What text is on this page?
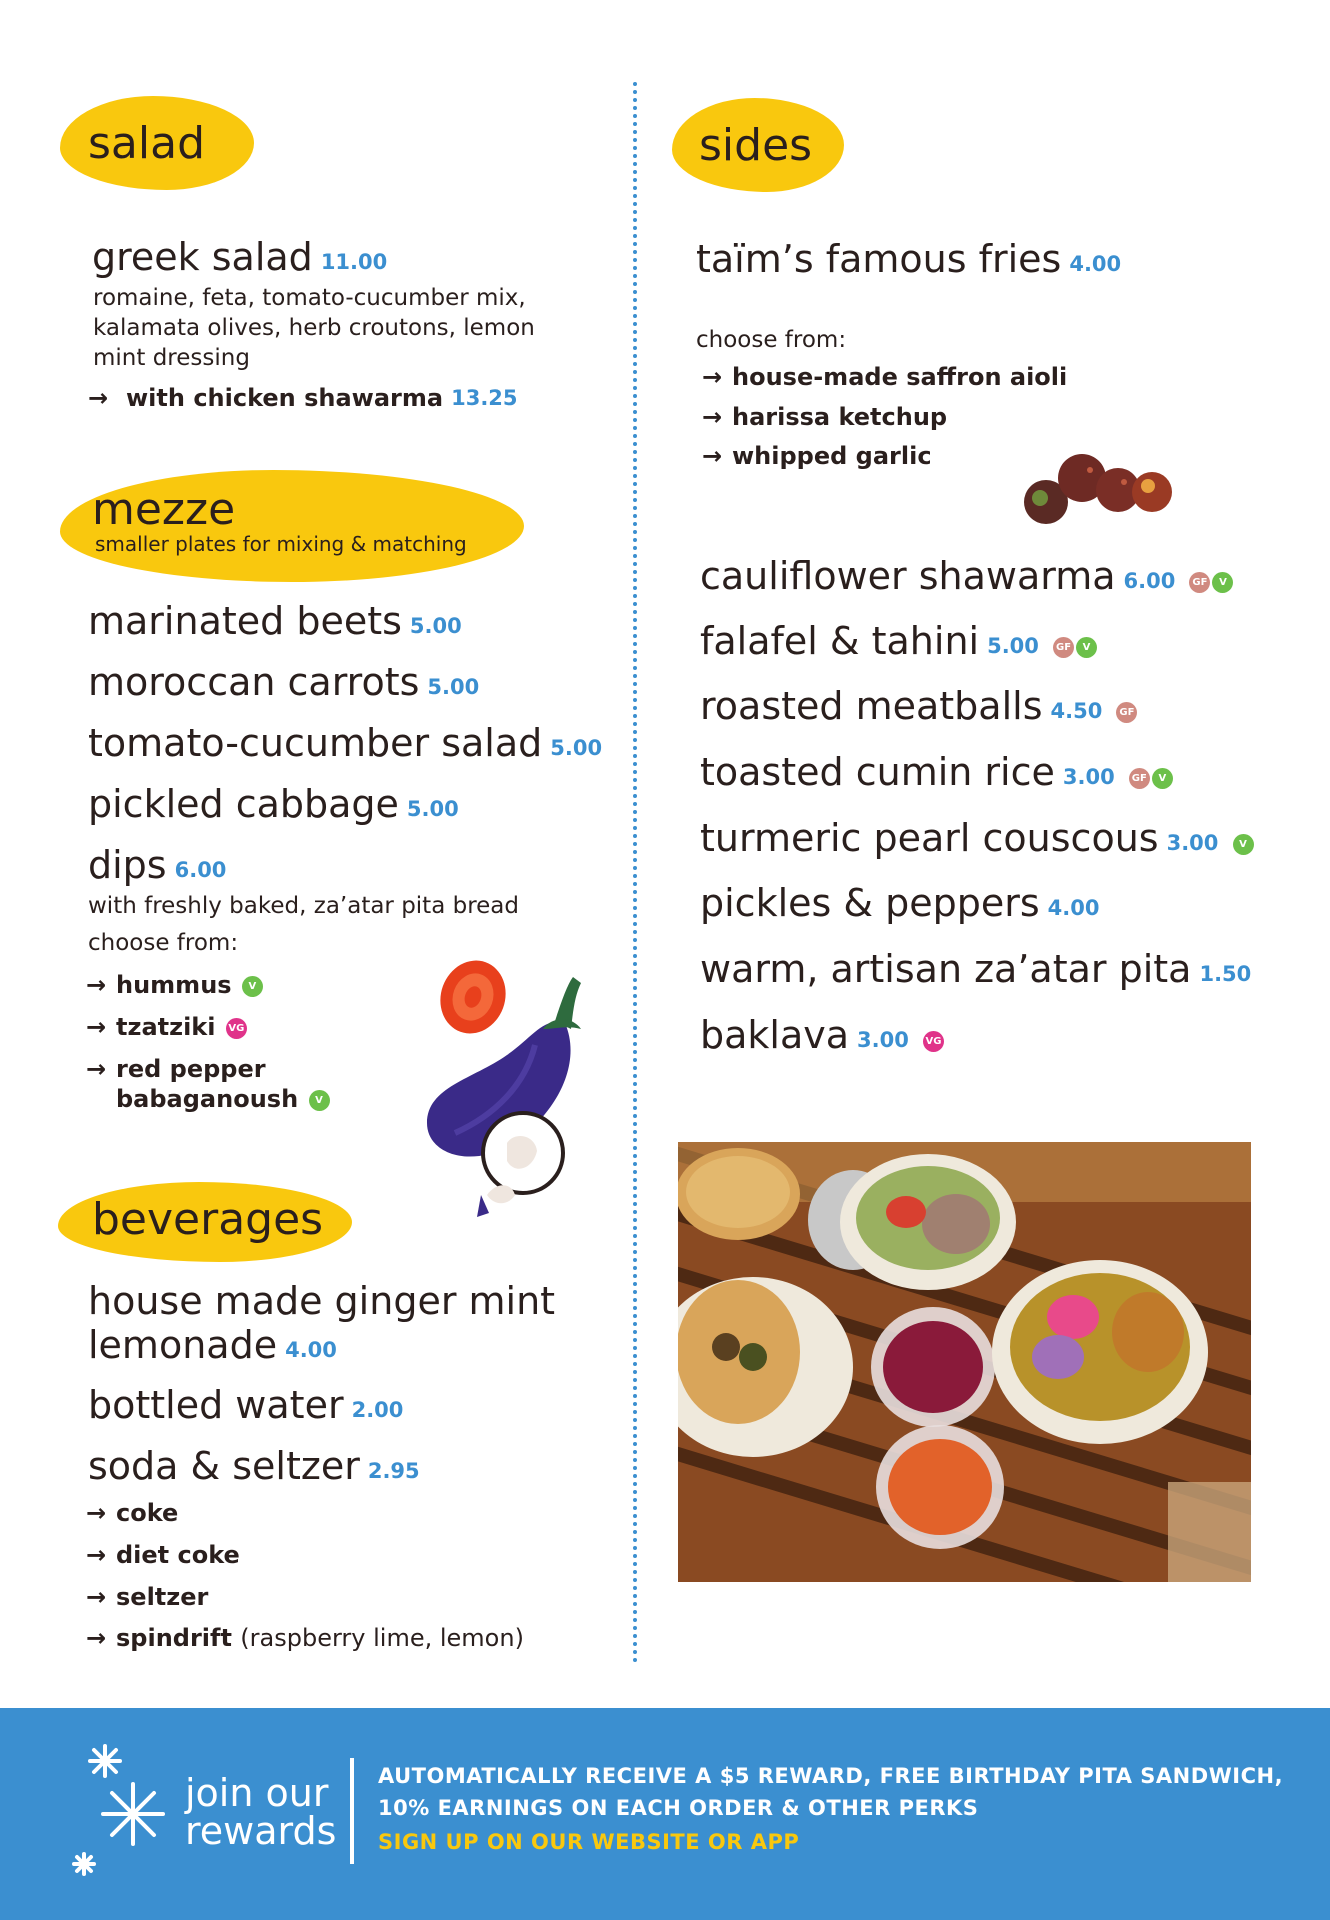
salad
greek salad 11.00
romaine, feta, tomato-cucumber mix, kalamata olives, herb croutons, lemon mint dressing
→ with chicken shawarma 13.25
mezze
smaller plates for mixing & matching
marinated beets 5.00
moroccan carrots 5.00
tomato-cucumber salad 5.00
pickled cabbage 5.00
dips 6.00
with freshly baked, za’atar pita bread
choose from:
→ hummus V
→ tzatziki VG
→ red pepper
babaganoush V
beverages
house made ginger mint
lemonade 4.00
bottled water 2.00
soda & seltzer 2.95
→ coke
→ diet coke
→ seltzer
→ spindrift (raspberry lime, lemon)
sides
taïm’s famous fries 4.00
choose from:
→ house-made saffron aioli
→ harissa ketchup
→ whipped garlic
cauliflower shawarma 6.00 GF V
falafel & tahini 5.00 GF V
roasted meatballs 4.50 GF
toasted cumin rice 3.00 GF V
turmeric pearl couscous 3.00 V
pickles & peppers 4.00
warm, artisan za’atar pita 1.50
baklava 3.00 VG
join our
rewards
AUTOMATICALLY RECEIVE A $5 REWARD, FREE BIRTHDAY PITA SANDWICH,
10% EARNINGS ON EACH ORDER & OTHER PERKS
SIGN UP ON OUR WEBSITE OR APP
